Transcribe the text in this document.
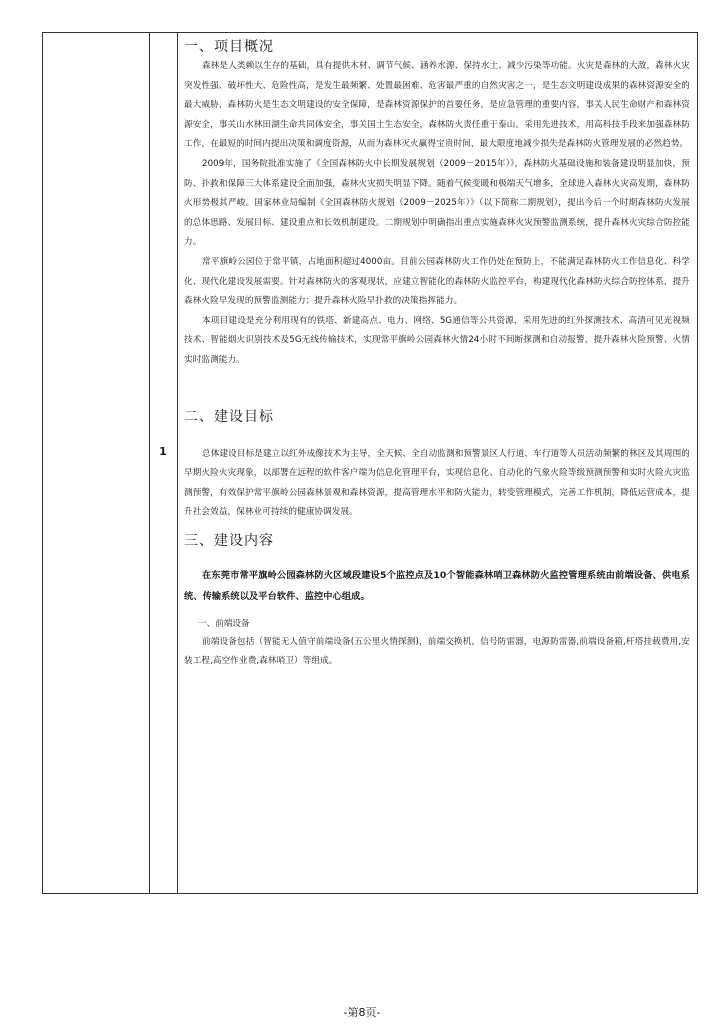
1
一、项目概况

森林是人类赖以生存的基础，具有提供木材、调节气候、涵养水源、保持水土、减少污染等功能。火灾是森林的大敌，森林火灾突发性强、破坏性大、危险性高，是发生最频繁、处置最困难、危害最严重的自然灾害之一，是生态文明建设成果的森林资源安全的最大威胁，森林防火是生态文明建设的安全保障，是森林资源保护的首要任务，是应急管理的重要内容，事关人民生命财产和森林资源安全，事关山水林田湖生命共同体安全，事关国土生态安全，森林防火责任重于泰山。采用先进技术，用高科技手段来加强森林防工作，在最短的时间内提出决策和调度资源，从而为森林灭火赢得宝贵时间，最大限度地减少损失是森林防火管理发展的必然趋势。

2009年，国务院批准实施了《全国森林防火中长期发展规划（2009－2015年）》，森林防火基础设施和装备建设明显加快，预防、扑救和保障三大体系建设全面加强，森林火灾损失明显下降。随着气候变暖和极端天气增多，全球进入森林火灾高发期，森林防火形势极其严峻。国家林业局编制《全国森林防火规划（2009－2025年）》（以下简称二期规划），提出今后一个时期森林防火发展的总体思路、发展目标、建设重点和长效机制建设。二期规划中明确指出重点实施森林火灾预警监测系统，提升森林火灾综合防控能力。

常平旗岭公园位于常平镇，占地面积超过4000亩。目前公园森林防火工作仍处在预防上，不能满足森林防火工作信息化、科学化、现代化建设发展需要。针对森林防火的客观现状，应建立智能化的森林防火监控平台，构建现代化森林防火综合防控体系，提升森林火险早发现的预警监测能力；提升森林火险早扑救的决策指挥能力。

本项目建设是充分利用现有的铁塔、新建高点、电力、网络、5G通信等公共资源，采用先进的红外探测技术、高清可见光视频技术、智能烟火识别技术及5G无线传输技术，实现常平旗岭公园森林火情24小时不间断探测和自动报警，提升森林火险预警、火情实时监测能力。

二、建设目标

总体建设目标是建立以红外成像技术为主导，全天候、全自动监测和预警景区人行道、车行道等人员活动频繁的林区及其周围的早期火险火灾现象，以部署在远程的软件客户端为信息化管理平台，实现信息化、自动化的气象火险等级预测预警和实时火险火灾监测预警，有效保护常平旗岭公园森林景观和森林资源，提高管理水平和防火能力，转变管理模式，完善工作机制，降低运营成本，提升社会效益，保林业可持续的健康协调发展。

三、建设内容

在东莞市常平旗岭公园森林防火区域段建设5个监控点及10个智能森林哨卫森林防火监控管理系统由前端设备、供电系统、传输系统以及平台软件、监控中心组成。

一、前端设备

前端设备包括（智能无人值守前端设备(五公里火情探测)，前端交换机，信号防雷器，电源防雷器,前端设备箱,杆塔挂载费用,安装工程,高空作业费,森林哨卫）等组成。

-第8页-
